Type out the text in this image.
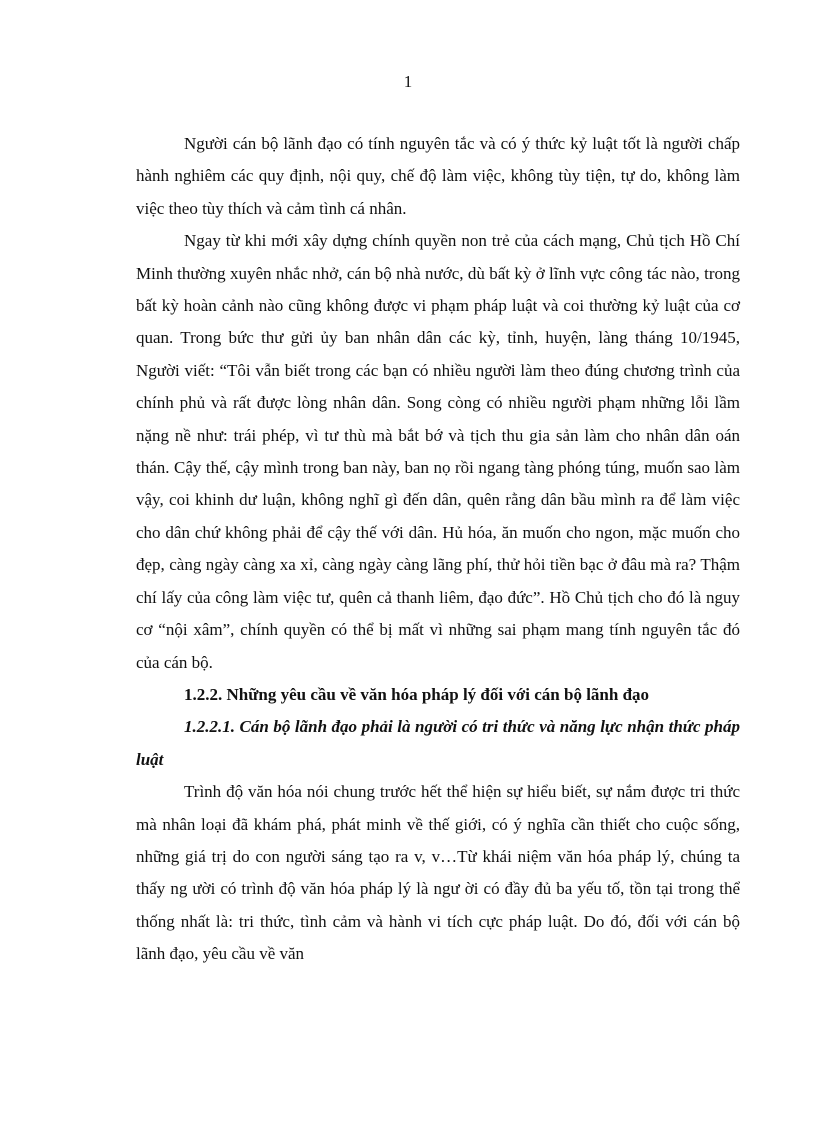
1

Người cán bộ lãnh đạo có tính nguyên tắc và có ý thức kỷ luật tốt là người chấp hành nghiêm các quy định, nội quy, chế độ làm việc, không tùy tiện, tự do, không làm việc theo tùy thích và cảm tình cá nhân.

Ngay từ khi mới xây dựng chính quyền non trẻ của cách mạng, Chủ tịch Hồ Chí Minh thường xuyên nhắc nhở, cán bộ nhà nước, dù bất kỳ ở lĩnh vực công tác nào, trong bất kỳ hoàn cảnh nào cũng không được vi phạm pháp luật và coi thường kỷ luật của cơ quan. Trong bức thư gửi ủy ban nhân dân các kỳ, tỉnh, huyện, làng tháng 10/1945, Người viết: “Tôi vẫn biết trong các bạn có nhiều người làm theo đúng chương trình của chính phủ và rất được lòng nhân dân. Song còng có nhiều người phạm những lỗi lầm nặng nề như: trái phép, vì tư thù mà bắt bớ và tịch thu gia sản làm cho nhân dân oán thán. Cậy thế, cậy mình trong ban này, ban nọ rồi ngang tàng phóng túng, muốn sao làm vậy, coi khinh dư luận, không nghĩ gì đến dân, quên rằng dân bầu mình ra để làm việc cho dân chứ không phải để cậy thế với dân. Hủ hóa, ăn muốn cho ngon, mặc muốn cho đẹp, càng ngày càng xa xỉ, càng ngày càng lãng phí, thử hỏi tiền bạc ở đâu mà ra? Thậm chí lấy của công làm việc tư, quên cả thanh liêm, đạo đức”. Hồ Chủ tịch cho đó là nguy cơ “nội xâm”, chính quyền có thể bị mất vì những sai phạm mang tính nguyên tắc đó của cán bộ.

1.2.2. Những yêu cầu về văn hóa pháp lý đối với cán bộ lãnh đạo

1.2.2.1. Cán bộ lãnh đạo phải là người có tri thức và năng lực nhận thức pháp luật

Trình độ văn hóa nói chung trước hết thể hiện sự hiểu biết, sự nắm được tri thức mà nhân loại đã khám phá, phát minh về thế giới, có ý nghĩa cần thiết cho cuộc sống, những giá trị do con người sáng tạo ra v, v…Từ khái niệm văn hóa pháp lý, chúng ta thấy ng ười có trình độ văn hóa pháp lý là ngư ời có đầy đủ ba yếu tố, tồn tại trong thể thống nhất là: tri thức, tình cảm và hành vi tích cực pháp luật. Do đó, đối với cán bộ lãnh đạo, yêu cầu về văn
